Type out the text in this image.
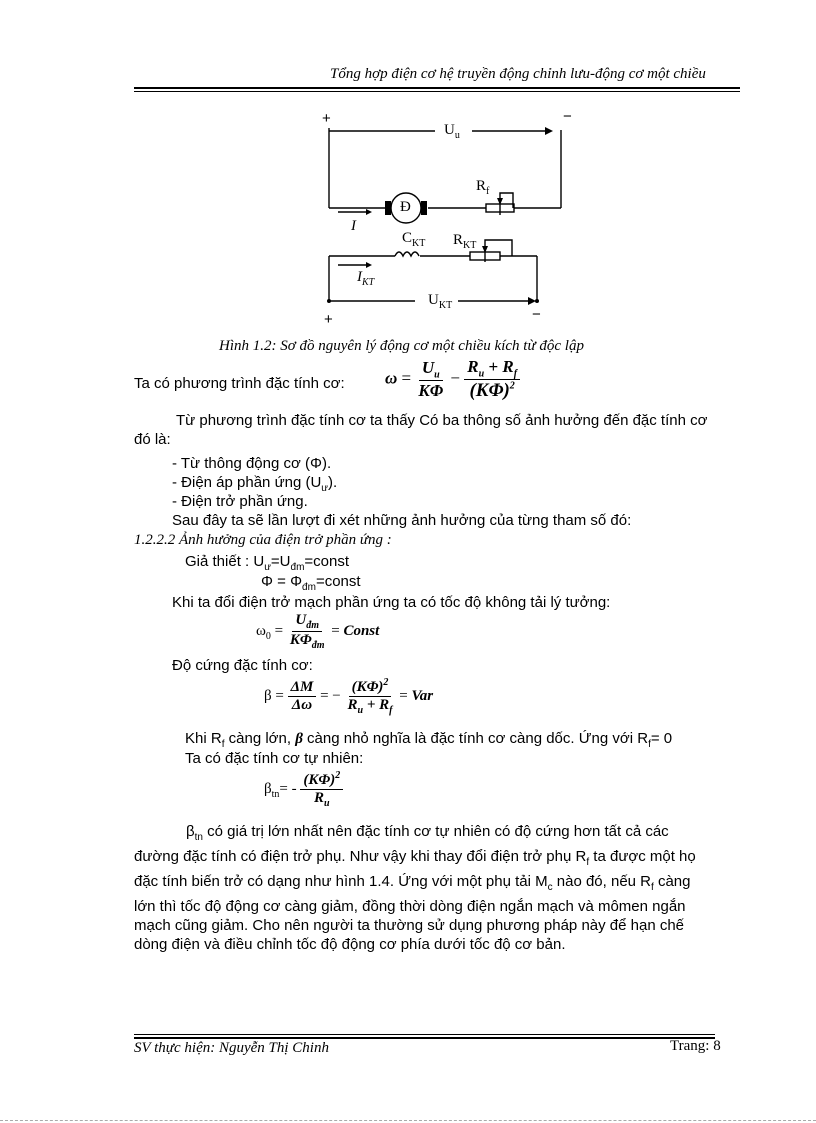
Tổng hợp điện cơ hệ truyền động chỉnh lưu-động cơ một chiều
+	−
$U_u$
$R_f$
Đ
I
$C_{KT}$ $R_{KT}$
$I_{KT}$
$U_{KT}$
+	−
Hình 1.2: Sơ đồ nguyên lý động cơ một chiều kích từ độc lập
Ta có phương trình đặc tính cơ: $\omega = \frac{U_u}{K\Phi} - \frac{R_u + R_f}{(K\Phi)^2}$
Từ phương trình đặc tính cơ ta thấy Có ba thông số ảnh hưởng đến đặc tính cơ
đó là:
- Từ thông động cơ (Φ).
- Điện áp phần ứng $(U_ư)$.
- Điện trở phần ứng.
Sau đây ta sẽ lần lượt đi xét những ảnh hưởng của từng tham số đó:
1.2.2.2 Ảnh hưởng của điện trở phần ứng :
Giả thiết : $U_ư=U_{đm}=const$
$\Phi = \Phi_{đm}=const$
Khi ta đổi điện trở mạch phần ứng ta có tốc độ không tải lý tưởng:
$\omega_0 = \frac{U_{đm}}{K\Phi_{đm}}$ = Const
Độ cứng đặc tính cơ:
$\beta = \frac{\Delta M}{\Delta\omega}$ = − $\frac{(K\Phi)^2}{R_u + R_f}$ = Var
Khi $R_f$ càng lớn, β càng nhỏ nghĩa là đặc tính cơ càng dốc. Ứng với $R_f= 0$
Ta có đặc tính cơ tự nhiên:
$\beta_{tn}= - \frac{(K\Phi)^2}{R_u}$
$\beta_{tn}$ có giá trị lớn nhất nên đặc tính cơ tự nhiên có độ cứng hơn tất cả các
đường đặc tính có điện trở phụ. Như vậy khi thay đổi điện trở phụ $R_f$ ta được một họ
đặc tính biến trở có dạng như hình 1.4. Ứng với một phụ tải $M_c$ nào đó, nếu $R_f$ càng
lớn thì tốc độ động cơ càng giảm, đồng thời dòng điện ngắn mạch và mômen ngắn
mạch cũng giảm. Cho nên người ta thường sử dụng phương pháp này để hạn chế
dòng điện và điều chỉnh tốc độ động cơ phía dưới tốc độ cơ bản.
SV thực hiện: Nguyễn Thị Chinh	Trang: 8
